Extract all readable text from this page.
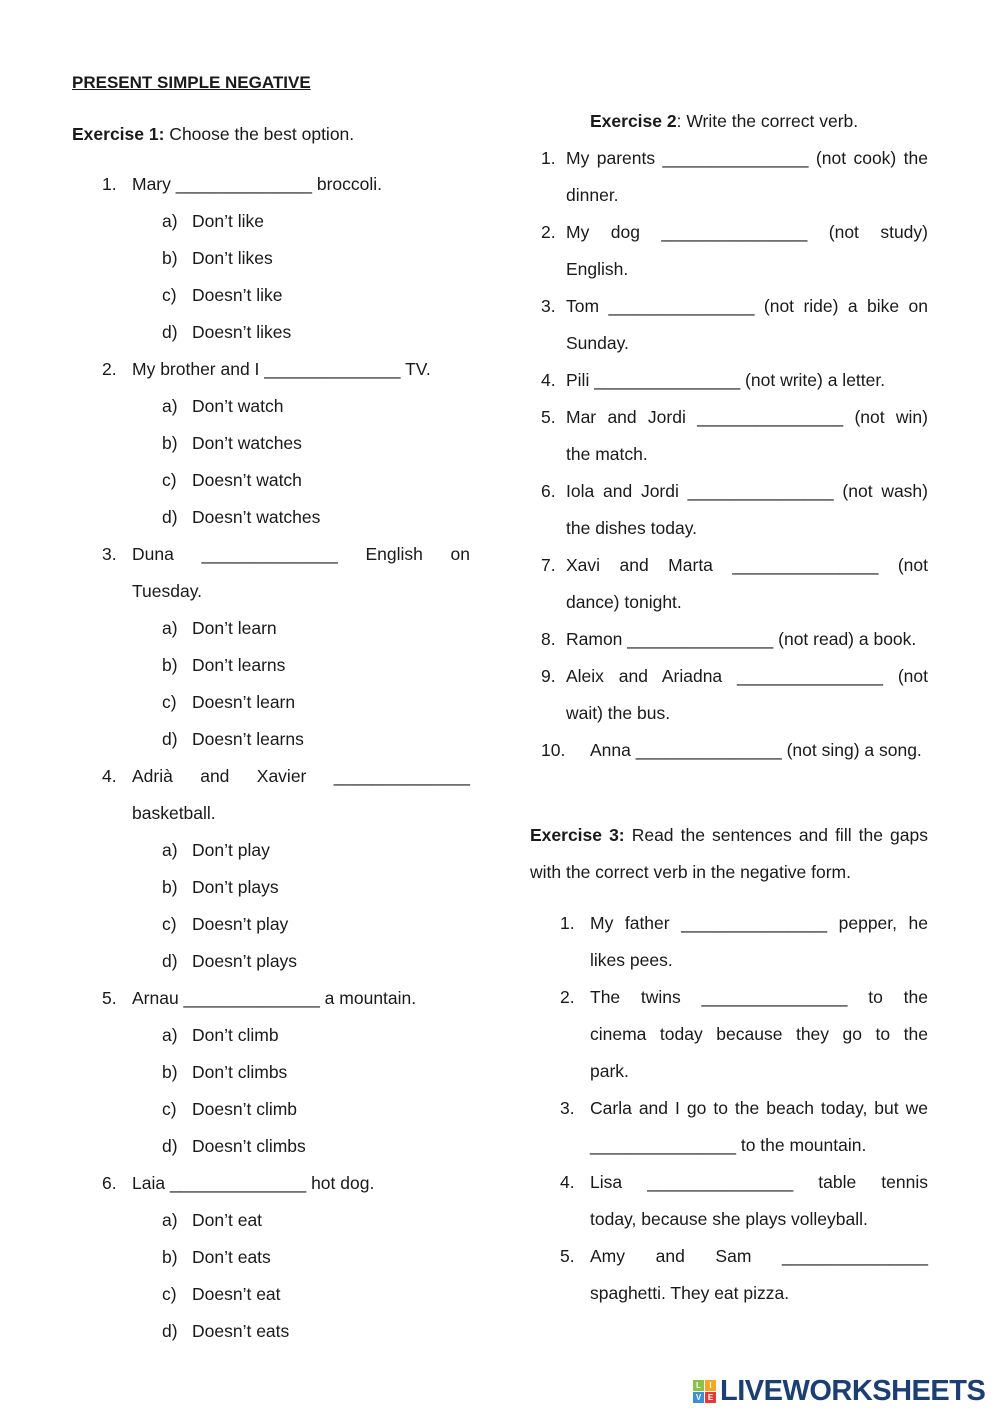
PRESENT SIMPLE NEGATIVE
Exercise 1: Choose the best option.
Exercise 2: Write the correct verb.
Exercise 3: Read the sentences and fill the gaps
with the correct verb in the negative form.
1. Mary ______________ broccoli.
a) Don’t like
b) Don’t likes
c) Doesn’t like
d) Doesn’t likes
2. My brother and I ______________ TV.
a) Don’t watch
b) Don’t watches
c) Doesn’t watch
d) Doesn’t watches
3. Duna ______________ English on
Tuesday.
a) Don’t learn
b) Don’t learns
c) Doesn’t learn
d) Doesn’t learns
4. Adrià and Xavier ______________
basketball.
a) Don’t play
b) Don’t plays
c) Doesn’t play
d) Doesn’t plays
5. Arnau ______________ a mountain.
a) Don’t climb
b) Don’t climbs
c) Doesn’t climb
d) Doesn’t climbs
6. Laia ______________ hot dog.
a) Don’t eat
b) Don’t eats
c) Doesn’t eat
d) Doesn’t eats
1. My parents _______________ (not cook) the
dinner.
2. My dog _______________ (not study)
English.
3. Tom _______________ (not ride) a bike on
Sunday.
4. Pili _______________ (not write) a letter.
5. Mar and Jordi _______________ (not win)
the match.
6. Iola and Jordi _______________ (not wash)
the dishes today.
7. Xavi and Marta _______________ (not
dance) tonight.
8. Ramon _______________ (not read) a book.
9. Aleix and Ariadna _______________ (not
wait) the bus.
10. Anna _______________ (not sing) a song.
1. My father _______________ pepper, he
likes pees.
2. The twins _______________ to the
cinema today because they go to the
park.
3. Carla and I go to the beach today, but we
_______________ to the mountain.
4. Lisa _______________ table tennis
today, because she plays volleyball.
5. Amy and Sam _______________
spaghetti. They eat pizza.
L	I
V E LIVEWORKSHEETS
